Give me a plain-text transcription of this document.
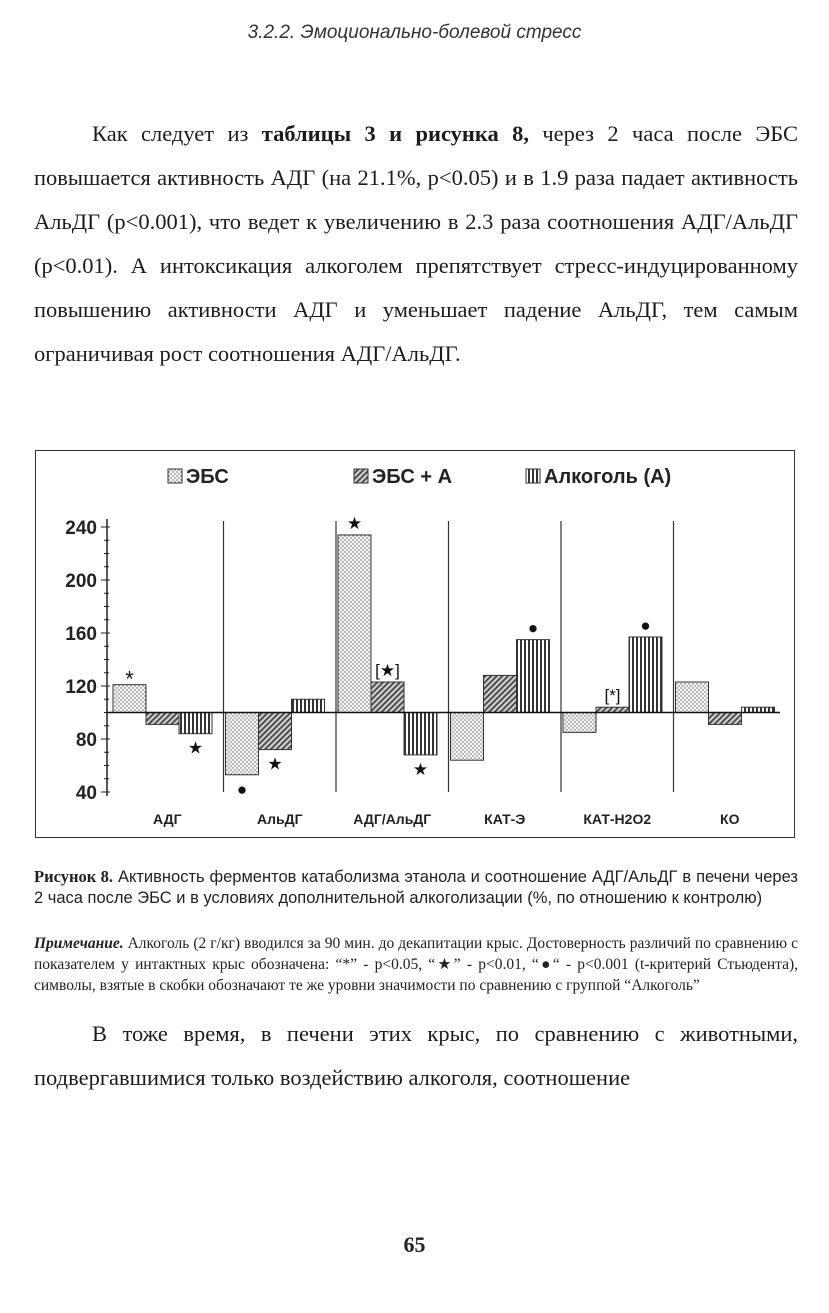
3.2.2. Эмоционально-болевой стресс
Как следует из таблицы 3 и рисунка 8, через 2 часа после ЭБС повышается активность АДГ (на 21.1%, p<0.05) и в 1.9 раза падает активность АльДГ (p<0.001), что ведет к увеличению в 2.3 раза соотношения АДГ/АльДГ (p<0.01). А интоксикация алкоголем препятствует стресс-индуцированному повышению активности АДГ и уменьшает падение АльДГ, тем самым ограничивая рост соотношения АДГ/АльДГ.
ЭБС	ЭБС + А	Алкоголь (А)
40
80
120
160
200
240
*
★
●
★
★
[★]
★
●
[*]
●
АДГ	АльДГ	АДГ/АльДГ	КАТ-Э	КАТ-H2O2	КО
Рисунок 8. Активность ферментов катаболизма этанола и соотношение АДГ/АльДГ в печени через 2 часа после ЭБС и в условиях дополнительной алкоголизации (%, по отношению к контролю)
Примечание. Алкоголь (2 г/кг) вводился за 90 мин. до декапитации крыс. Достоверность различий по сравнению с показателем у интактных крыс обозначена: “*” - p<0.05, “★” - p<0.01, “●“ - p<0.001 (t-критерий Стьюдента), символы, взятые в скобки обозначают те же уровни значимости по сравнению с группой “Алкоголь”
В тоже время, в печени этих крыс, по сравнению с животными, подвергавшимися только воздействию алкоголя, соотношение
65
